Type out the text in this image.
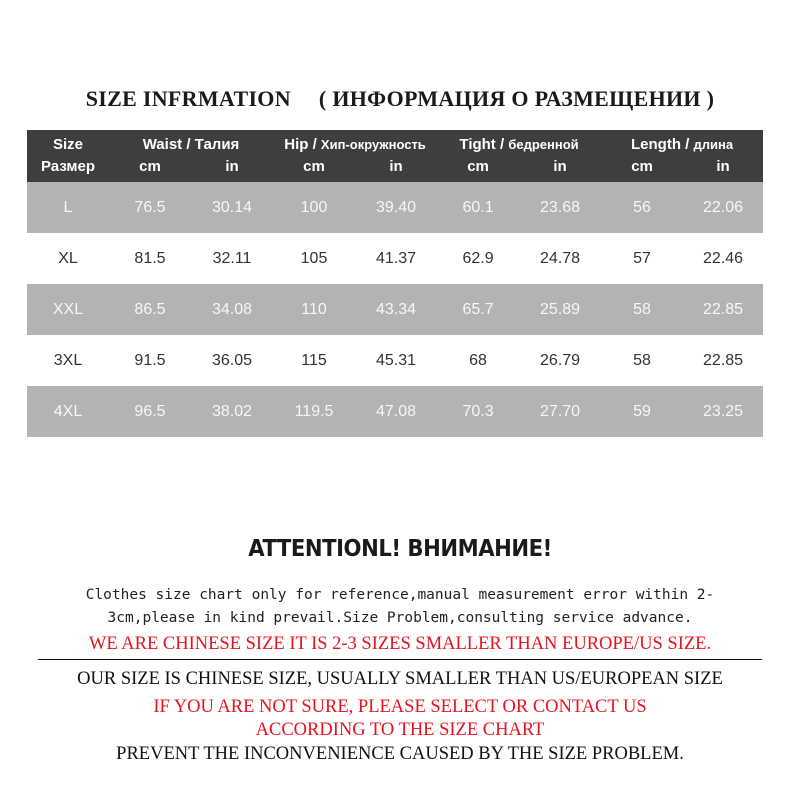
SIZE INFRMATION ( ИНФОРМАЦИЯ О РАЗМЕЩЕНИИ )
Size	Waist / Талия		Hip / Хип-окружность		Tight / бедренной		Length / длина	
Размер	cm	in	cm	in	cm	in	cm	in
L	76.5	30.14	100	39.40	60.1	23.68	56	22.06
XL	81.5	32.11	105	41.37	62.9	24.78	57	22.46
XXL	86.5	34.08	110	43.34	65.7	25.89	58	22.85
3XL	91.5	36.05	115	45.31	68	26.79	58	22.85
4XL	96.5	38.02	119.5	47.08	70.3	27.70	59	23.25
ATTENTIONL! ВНИМАНИЕ!
Clothes size chart only for reference,manual measurement error within 2-
3cm,please in kind prevail.Size Problem,consulting service advance.
WE ARE CHINESE SIZE IT IS 2-3 SIZES SMALLER THAN EUROPE/US SIZE.
OUR SIZE IS CHINESE SIZE, USUALLY SMALLER THAN US/EUROPEAN SIZE
IF YOU ARE NOT SURE, PLEASE SELECT OR CONTACT US
ACCORDING TO THE SIZE CHART
PREVENT THE INCONVENIENCE CAUSED BY THE SIZE PROBLEM.
